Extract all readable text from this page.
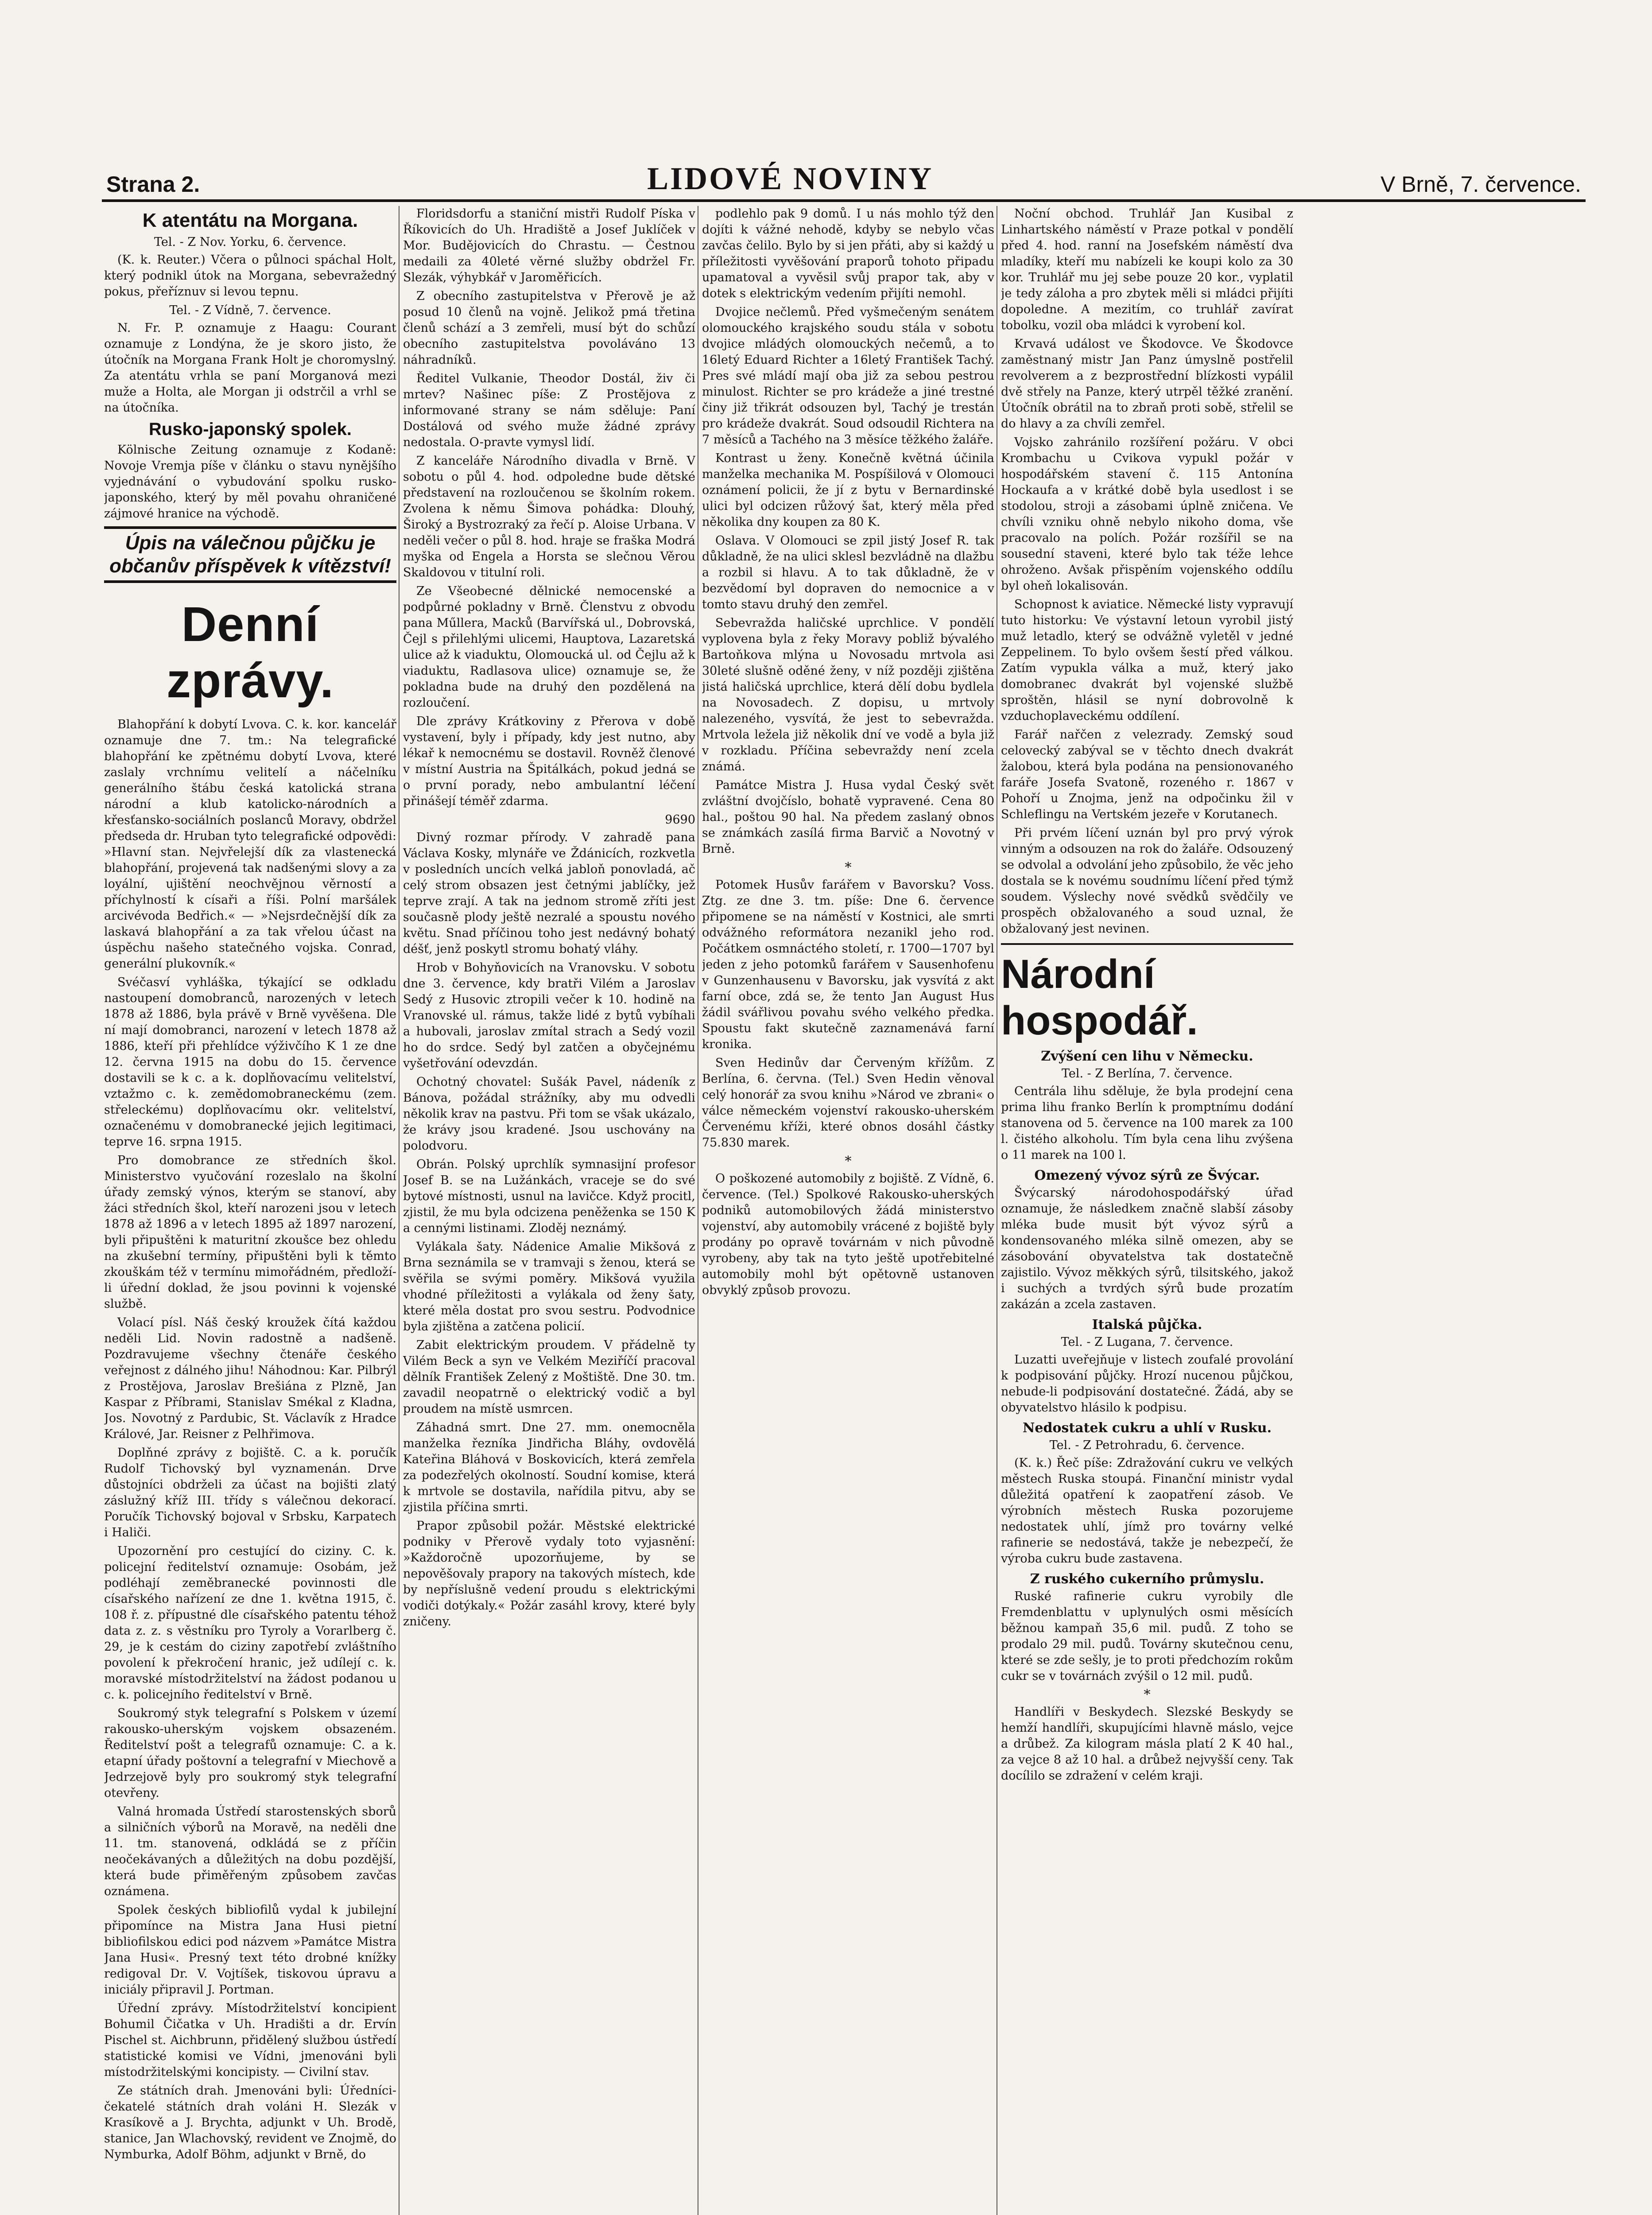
Strana 2.	LIDOVÉ NOVINY	V Brně, 7. července.
K atentátu na Morgana.

Tel. - Z Nov. Yorku, 6. července.

(K. k. Reuter.) Včera o půlnoci spáchal Holt, který podnikl útok na Morgana, sebevražedný pokus, přeříznuv si levou tepnu.

Tel. - Z Vídně, 7. července.

N. Fr. P. oznamuje z Haagu: Courant oznamuje z Londýna, že je skoro jisto, že útočník na Morgana Frank Holt je choromyslný. Za atentátu vrhla se paní Morganová mezi muže a Holta, ale Morgan ji odstrčil a vrhl se na útočníka.

Rusko-japonský spolek.

Kölnische Zeitung oznamuje z Kodaně: Novoje Vremja píše v článku o stavu nynějšího vyjednávání o vybudování spolku rusko-japonského, který by měl povahu ohraničené zájmové hranice na východě.

Úpis na válečnou půjčku je občanův příspěvek k vítězství!
Denní zprávy.

Blahopřání k dobytí Lvova. C. k. kor. kancelář oznamuje dne 7. tm.: Na telegrafické blahopřání ke zpětnému dobytí Lvova, které zaslaly vrchnímu velitelí a náčelníku generálního štábu česká katolická strana národní a klub katolicko-národních a křesťansko-sociálních poslanců Moravy, obdržel předseda dr. Hruban tyto telegrafické odpovědi: »Hlavní stan. Nejvřelejší dík za vlastenecká blahopřání, projevená tak nadšenými slovy a za loyální, ujištění neochvějnou věrností a příchylností k císaři a říši. Polní maršálek arcivévoda Bedřich.« — »Nejsrdečnější dík za laskavá blahopřání a za tak vřelou účast na úspěchu našeho statečného vojska. Conrad, generální plukovník.«

Svéčasví vyhláška, týkající se odkladu nastoupení domobranců, narozených v letech 1878 až 1886, byla právě v Brně vyvěšena. Dle ní mají domobranci, narození v letech 1878 až 1886, kteří při přehlídce výživčího K 1 ze dne 12. června 1915 na dobu do 15. července dostavili se k c. a k. doplňovacímu velitelství, vztažmo c. k. zemědomobraneckému (zem. střeleckému) doplňovacímu okr. velitelství, označenému v domobranecké jejich legitimaci, teprve 16. srpna 1915.

Pro domobrance ze středních škol. Ministerstvo vyučování rozeslalo na školní úřady zemský výnos, kterým se stanoví, aby žáci středních škol, kteří narozeni jsou v letech 1878 až 1896 a v letech 1895 až 1897 narození, byli připuštěni k maturitní zkoušce bez ohledu na zkušební termíny, připuštěni byli k těmto zkouškám též v termínu mimořádném, předloží-li úřední doklad, že jsou povinni k vojenské službě.

Volací písl. Náš český kroužek čítá každou neděli Lid. Novin radostně a nadšeně. Pozdravujeme všechny čtenáře českého veřejnost z dálného jihu! Náhodnou: Kar. Pilbrýl z Prostějova, Jaroslav Brešiána z Plzně, Jan Kaspar z Příbrami, Stanislav Smékal z Kladna, Jos. Novotný z Pardubic, St. Václavík z Hradce Králové, Jar. Reisner z Pelhřimova.

Doplňné zprávy z bojiště. C. a k. poručík Rudolf Tichovský byl vyznamenán. Drve důstojníci obdrželi za účast na bojišti zlatý záslužný kříž III. třídy s válečnou dekorací. Poručík Tichovský bojoval v Srbsku, Karpatech i Haliči.

Upozornění pro cestující do ciziny. C. k. policejní ředitelství oznamuje: Osobám, jež podléhají zeměbranecké povinnosti dle císařského nařízení ze dne 1. května 1915, č. 108 ř. z. přípustné dle císařského patentu téhož data z. z. s věstníku pro Tyroly a Vorarlberg č. 29, je k cestám do ciziny zapotřebí zvláštního povolení k překročení hranic, jež udílejí c. k. moravské místodržitelství na žádost podanou u c. k. policejního ředitelství v Brně.

Soukromý styk telegrafní s Polskem v území rakousko-uherským vojskem obsazeném. Ředitelství pošt a telegrafů oznamuje: C. a k. etapní úřady poštovní a telegrafní v Miechově a Jedrzejově byly pro soukromý styk telegrafní otevřeny.

Valná hromada Ústředí starostenských sborů a silničních výborů na Moravě, na neděli dne 11. tm. stanovená, odkládá se z příčin neočekávaných a důležitých na dobu pozdější, která bude přiměřeným způsobem zavčas oznámena.

Spolek českých bibliofilů vydal k jubilejní připomínce na Mistra Jana Husi pietní bibliofilskou edici pod názvem »Památce Mistra Jana Husi«. Presný text této drobné knížky redigoval Dr. V. Vojtíšek, tiskovou úpravu a iniciály připravil J. Portman.

Úřední zprávy. Místodržitelství koncipient Bohumil Čičatka v Uh. Hradišti a dr. Ervín Pischel st. Aichbrunn, přidělený službou ústředí statistické komisi ve Vídni, jmenováni byli místodržitelskými koncipisty. — Civilní stav.

Ze státních drah. Jmenováni byli: Úředníci-čekatelé státních drah voláni H. Slezák v Krasíkově a J. Brychta, adjunkt v Uh. Brodě, stanice, Jan Wlachovský, revident ve Znojmě, do Nymburka, Adolf Böhm, adjunkt v Brně, do

Floridsdorfu a staniční mistři Rudolf Píska v Říkovicích do Uh. Hradiště a Josef Juklíček v Mor. Budějovicích do Chrastu. — Čestnou medaili za 40leté věrné služby obdržel Fr. Slezák, výhybkář v Jaroměřicích.

Z obecního zastupitelstva v Přerově je až posud 10 členů na vojně. Jelikož pmá třetina členů schází a 3 zemřeli, musí být do schůzí obecního zastupitelstva povoláváno 13 náhradníků.

Ředitel Vulkanie, Theodor Dostál, živ či mrtev? Našinec píše: Z Prostějova z informované strany se nám sděluje: Paní Dostálová od svého muže žádné zprávy nedostala. O-pravte vymysl lidí.

Z kanceláře Národního divadla v Brně. V sobotu o půl 4. hod. odpoledne bude dětské představení na rozloučenou se školním rokem. Zvolena k němu Šimova pohádka: Dlouhý, Široký a Bystrozraký za řečí p. Aloise Urbana. V neděli večer o půl 8. hod. hraje se fraška Modrá myška od Engela a Horsta se slečnou Věrou Skaldovou v titulní roli.

Ze Všeobecné dělnické nemocenské a podpůrné pokladny v Brně. Členstvu z obvodu pana Műllera, Macků (Barvířská ul., Dobrovská, Čejl s přilehlými ulicemi, Hauptova, Lazaretská ulice až k viaduktu, Olomoucká ul. od Čejlu až k viaduktu, Radlasova ulice) oznamuje se, že pokladna bude na druhý den pozdělená na rozloučení.

Dle zprávy Krátkoviny z Přerova v době vystavení, byly i případy, kdy jest nutno, aby lékař k nemocnému se dostavil. Rovněž členové v místní Austria na Špitálkách, pokud jedná se o první porady, nebo ambulantní léčení přinášejí téměř zdarma.

9690

Divný rozmar přírody. V zahradě pana Václava Kosky, mlynáře ve Ždánicích, rozkvetla v posledních uncích velká jabloň ponovladá, ač celý strom obsazen jest četnými jablíčky, jež teprve zrají. A tak na jednom stromě zříti jest současně plody ještě nezralé a spoustu nového květu. Snad příčinou toho jest nedávný bohatý déšť, jenž poskytl stromu bohatý vláhy.

Hrob v Bohyňovicích na Vranovsku. V sobotu dne 3. července, kdy bratři Vilém a Jaroslav Sedý z Husovic ztropili večer k 10. hodině na Vranovské ul. rámus, takže lidé z bytů vybíhali a hubovali, jaroslav zmítal strach a Sedý vozil ho do srdce. Sedý byl zatčen a obyčejnému vyšetřování odevzdán.

Ochotný chovatel: Sušák Pavel, nádeník z Bánova, požádal strážníky, aby mu odvedli několik krav na pastvu. Při tom se však ukázalo, že krávy jsou kradené. Jsou uschovány na polodvoru.

Obrán. Polský uprchlík symnasijní profesor Josef B. se na Lužánkách, vraceje se do své bytové místnosti, usnul na lavičce. Když procitl, zjistil, že mu byla odcizena peněženka se 150 K a cennými listinami. Zloděj neznámý.

Vylákala šaty. Nádenice Amalie Mikšová z Brna seznámila se v tramvaji s ženou, která se svěřila se svými poměry. Mikšová využila vhodné příležitosti a vylákala od ženy šaty, které měla dostat pro svou sestru. Podvodnice byla zjištěna a zatčena policií.

Zabit elektrickým proudem. V přádelně ty Vilém Beck a syn ve Velkém Meziříčí pracoval dělník František Zelený z Moštiště. Dne 30. tm. zavadil neopatrně o elektrický vodič a byl proudem na místě usmrcen.

Záhadná smrt. Dne 27. mm. onemocněla manželka řezníka Jindřicha Bláhy, ovdovělá Kateřina Bláhová v Boskovicích, která zemřela za podezřelých okolností. Soudní komise, která k mrtvole se dostavila, nařídila pitvu, aby se zjistila příčina smrti.

Prapor způsobil požár. Městské elektrické podniky v Přerově vydaly toto vyjasnění: »Každoročně upozorňujeme, by se nepověšovaly prapory na takových místech, kde by nepříslušně vedení proudu s elektrickými vodiči dotýkaly.« Požár zasáhl krovy, které byly zničeny.

podlehlo pak 9 domů. I u nás mohlo týž den dojíti k vážné nehodě, kdyby se nebylo včas zavčas čelilo. Bylo by si jen přáti, aby si každý u příležitosti vyvěšování praporů tohoto připadu upamatoval a vyvěsil svůj prapor tak, aby v dotek s elektrickým vedením přijíti nemohl.

Dvojice nečlemů. Před vyšmečeným senátem olomouckého krajského soudu stála v sobotu dvojice mládých olomouckých nečemů, a to 16letý Eduard Richter a 16letý František Tachý. Pres své mládí mají oba již za sebou pestrou minulost. Richter se pro krádeže a jiné trestné činy již třikrát odsouzen byl, Tachý je trestán pro krádeže dvakrát. Soud odsoudil Richtera na 7 měsíců a Tachého na 3 měsíce těžkého žaláře.

Kontrast u ženy. Konečně květná účinila manželka mechanika M. Pospíšilová v Olomouci oznámení policii, že jí z bytu v Bernardinské ulici byl odcizen růžový šat, který měla před několika dny koupen za 80 K.

Oslava. V Olomouci se zpil jistý Josef R. tak důkladně, že na ulici sklesl bezvládně na dlažbu a rozbil si hlavu. A to tak důkladně, že v bezvědomí byl dopraven do nemocnice a v tomto stavu druhý den zemřel.

Sebevražda haličské uprchlice. V pondělí vyplovena byla z řeky Moravy pobliž bývalého Bartoňkova mlýna u Novosadu mrtvola asi 30leté slušně oděné ženy, v níž později zjištěna jistá haličská uprchlice, která dělí dobu bydlela na Novosadech. Z dopisu, u mrtvoly nalezeného, vysvítá, že jest to sebevražda. Mrtvola ležela již několik dní ve vodě a byla již v rozkladu. Příčina sebevraždy není zcela známá.

Památce Mistra J. Husa vydal Český svět zvláštní dvojčíslo, bohatě vypravené. Cena 80 hal., poštou 90 hal. Na předem zaslaný obnos se známkách zasílá firma Barvič a Novotný v Brně.

*

Potomek Husův farářem v Bavorsku? Voss. Ztg. ze dne 3. tm. píše: Dne 6. července připomene se na náměstí v Kostnici, ale smrti odvážného reformátora nezanikl jeho rod. Počátkem osmnáctého století, r. 1700—1707 byl jeden z jeho potomků farářem v Sausenhofenu v Gunzenhausenu v Bavorsku, jak vysvítá z akt farní obce, zdá se, že tento Jan August Hus žádil svářlivou povahu svého velkého předka. Spoustu fakt skutečně zaznamenává farní kronika.

Sven Hedinův dar Červeným křížům. Z Berlína, 6. června. (Tel.) Sven Hedin věnoval celý honorář za svou knihu »Národ ve zbrani« o válce německém vojenství rakousko-uherském Červenému kříži, které obnos dosáhl částky 75.830 marek.

*

O poškozené automobily z bojiště. Z Vídně, 6. července. (Tel.) Spolkové Rakousko-uherských podniků automobilových žádá ministerstvo vojenství, aby automobily vrácené z bojiště byly prodány po opravě továrnám v nich původně vyrobeny, aby tak na tyto ještě upotřebitelné automobily mohl být opětovně ustanoven obvyklý způsob provozu.

Noční obchod. Truhlář Jan Kusibal z Linhartského náměstí v Praze potkal v pondělí před 4. hod. ranní na Josefském náměstí dva mladíky, kteří mu nabízeli ke koupi kolo za 30 kor. Truhlář mu jej sebe pouze 20 kor., vyplatil je tedy záloha a pro zbytek měli si mládci přijíti dopoledne. A mezitím, co truhlář zavírat tobolku, vozil oba mládci k vyrobení kol.

Krvavá událost ve Škodovce. Ve Škodovce zaměstnaný mistr Jan Panz úmyslně postřelil revolverem a z bezprostřední blízkosti vypálil dvě střely na Panze, který utrpěl těžké zranění. Útočník obrátil na to zbraň proti sobě, střelil se do hlavy a za chvíli zemřel.

Vojsko zahránilo rozšíření požáru. V obci Krombachu u Cvikova vypukl požár v hospodářském stavení č. 115 Antonína Hockaufa a v krátké době byla usedlost i se stodolou, stroji a zásobami úplně zničena. Ve chvíli vzniku ohně nebylo nikoho doma, vše pracovalo na polích. Požár rozšířil se na sousední staveni, které bylo tak téže lehce ohroženo. Avšak přispěním vojenského oddílu byl oheň lokalisován.

Schopnost k aviatice. Německé listy vypravují tuto historku: Ve výstavní letoun vyrobil jistý muž letadlo, který se odvážně vyletěl v jedné Zeppelinem. To bylo ovšem šestí před válkou. Zatím vypukla válka a muž, který jako domobranec dvakrát byl vojenské službě sproštěn, hlásil se nyní dobrovolně k vzduchoplaveckému oddílení.

Farář nařčen z velezrady. Zemský soud celovecký zabýval se v těchto dnech dvakrát žalobou, která byla podána na pensionovaného faráře Josefa Svatoně, rozeného r. 1867 v Pohoří u Znojma, jenž na odpočinku žil v Schleflingu na Vertském jezeře v Korutanech.

Při prvém líčení uznán byl pro prvý výrok vinným a odsouzen na rok do žaláře. Odsouzený se odvolal a odvolání jeho způsobilo, že věc jeho dostala se k novému soudnímu líčení před týmž soudem. Výslechy nové svědků svědčily ve prospěch obžalovaného a soud uznal, že obžalovaný jest nevinen.

Národní hospodář.
Zvýšení cen lihu v Německu.

Tel. - Z Berlína, 7. července.

Centrála lihu sděluje, že byla prodejní cena prima lihu franko Berlín k promptnímu dodání stanovena od 5. července na 100 marek za 100 l. čistého alkoholu. Tím byla cena lihu zvýšena o 11 marek na 100 l.

Omezený vývoz sýrů ze Švýcar.

Švýcarský národohospodářský úřad oznamuje, že následkem značně slabší zásoby mléka bude musit být vývoz sýrů a kondensovaného mléka silně omezen, aby se zásobování obyvatelstva tak dostatečně zajistilo. Vývoz měkkých sýrů, tilsitského, jakož i suchých a tvrdých sýrů bude prozatím zakázán a zcela zastaven.

Italská půjčka.

Tel. - Z Lugana, 7. července.

Luzatti uveřejňuje v listech zoufalé provolání k podpisování půjčky. Hrozí nucenou půjčkou, nebude-li podpisování dostatečné. Žádá, aby se obyvatelstvo hlásilo k podpisu.

Nedostatek cukru a uhlí v Rusku.

Tel. - Z Petrohradu, 6. července.

(K. k.) Řeč píše: Zdražování cukru ve velkých městech Ruska stoupá. Finanční ministr vydal důležitá opatření k zaopatření zásob. Ve výrobních městech Ruska pozorujeme nedostatek uhlí, jímž pro továrny velké rafinerie se nedostává, takže je nebezpečí, že výroba cukru bude zastavena.

Z ruského cukerního průmyslu.

Ruské rafinerie cukru vyrobily dle Fremdenblattu v uplynulých osmi měsících běžnou kampaň 35,6 mil. pudů. Z toho se prodalo 29 mil. pudů. Továrny skutečnou cenu, které se zde sešly, je to proti předchozím rokům cukr se v továrnách zvýšil o 12 mil. pudů.

*

Handlíři v Beskydech. Slezské Beskydy se hemží handlíři, skupujícími hlavně máslo, vejce a drůbež. Za kilogram másla platí 2 K 40 hal., za vejce 8 až 10 hal. a drůbež nejvyšší ceny. Tak docílilo se zdražení v celém kraji.
